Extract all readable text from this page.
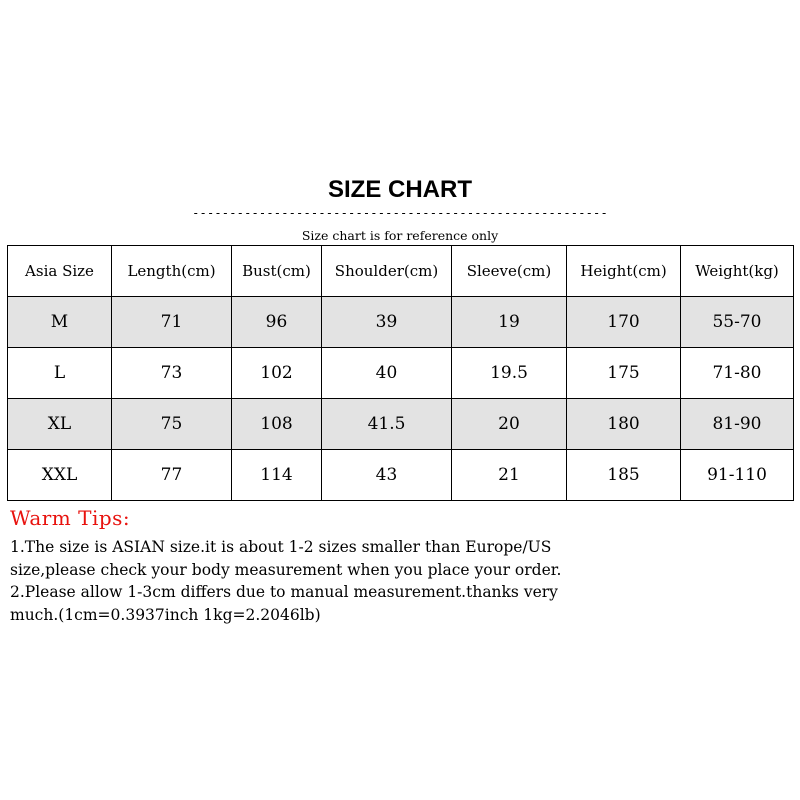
SIZE CHART
--------------------------------------------------------
Size chart is for reference only
Asia Size	Length(cm)	Bust(cm)	Shoulder(cm)	Sleeve(cm)	Height(cm)	Weight(kg)
M	71	96	39	19	170	55-70
L	73	102	40	19.5	175	71-80
XL	75	108	41.5	20	180	81-90
XXL	77	114	43	21	185	91-110

Warm Tips:

1.The size is ASIAN size.it is about 1-2 sizes smaller than Europe/US

size,please check your body measurement when you place your order.

2.Please allow 1-3cm differs due to manual measurement.thanks very

much.(1cm=0.3937inch 1kg=2.2046lb)
